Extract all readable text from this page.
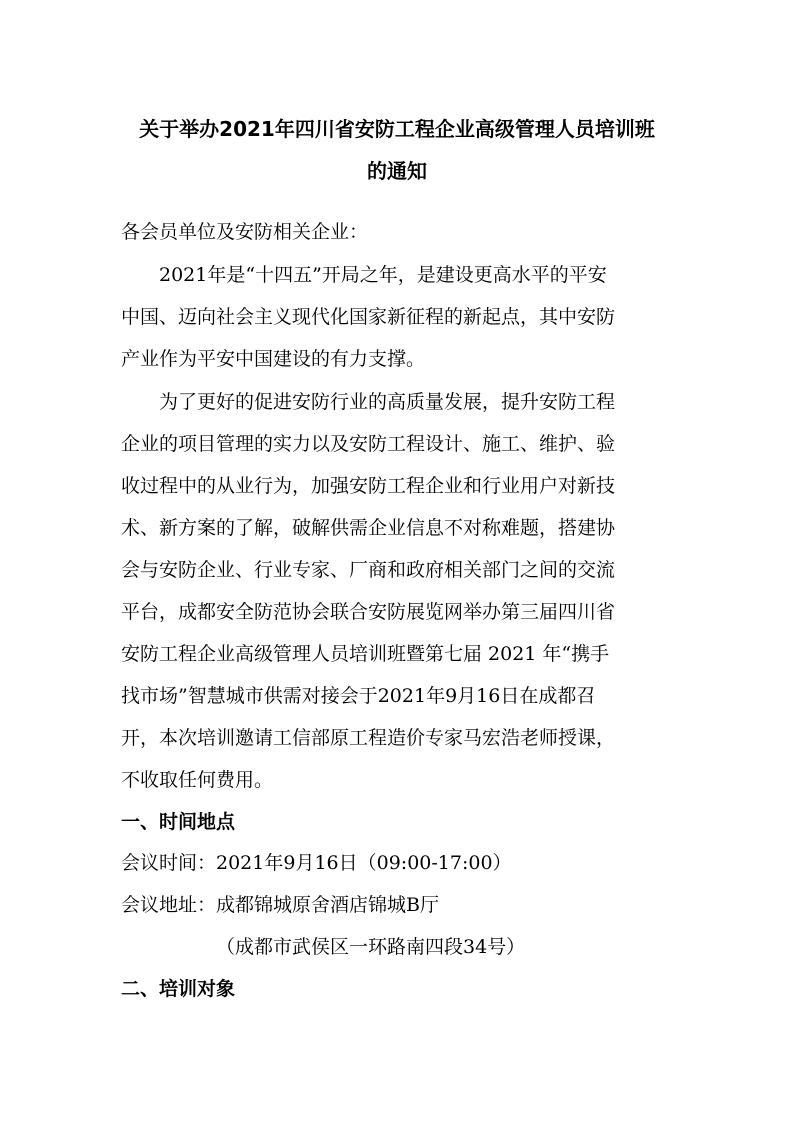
关于举办2021年四川省安防工程企业高级管理人员培训班
的通知
各会员单位及安防相关企业：
2021年是“十四五”开局之年，是建设更高水平的平安
中国、迈向社会主义现代化国家新征程的新起点，其中安防
产业作为平安中国建设的有力支撑。
为了更好的促进安防行业的高质量发展，提升安防工程
企业的项目管理的实力以及安防工程设计、施工、维护、验
收过程中的从业行为，加强安防工程企业和行业用户对新技
术、新方案的了解，破解供需企业信息不对称难题，搭建协
会与安防企业、行业专家、厂商和政府相关部门之间的交流
平台，成都安全防范协会联合安防展览网举办第三届四川省
安防工程企业高级管理人员培训班暨第七届 2021 年“携手
找市场”智慧城市供需对接会于2021年9月16日在成都召
开，本次培训邀请工信部原工程造价专家马宏浩老师授课，
不收取任何费用。
一、时间地点
会议时间：2021年9月16日（09:00-17:00）
会议地址：成都锦城原舍酒店锦城B厅
（成都市武侯区一环路南四段34号）
二、培训对象
